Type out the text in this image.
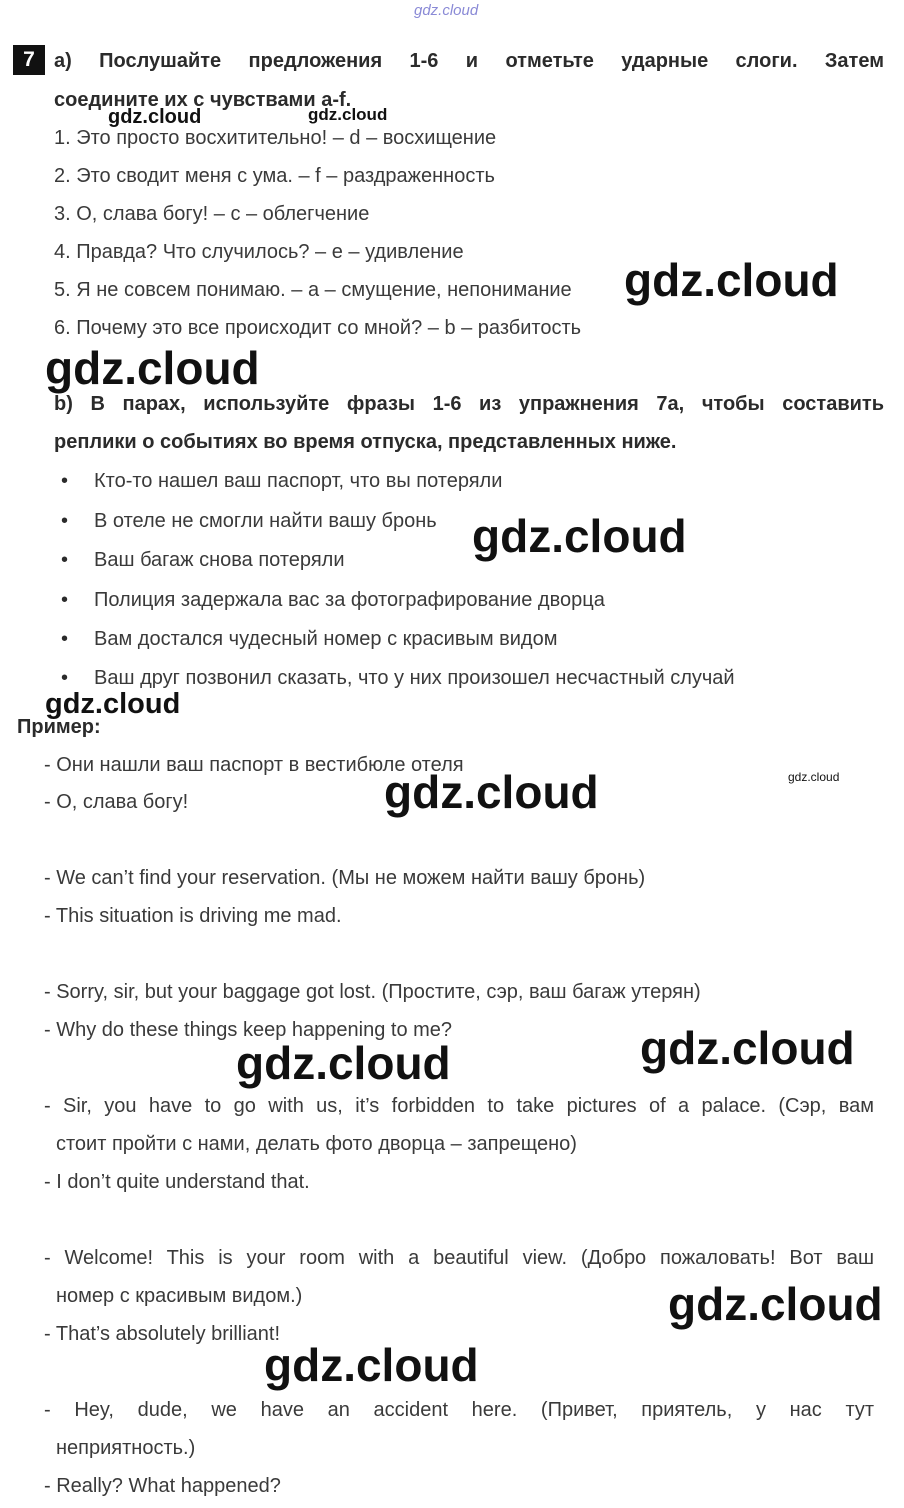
gdz.cloud
7 a) Послушайте предложения 1-6 и отметьте ударные слоги. Затем
соедините их с чувствами a-f.
1. Это просто восхитительно! – d – восхищение
2. Это сводит меня с ума. – f – раздраженность
3. О, слава богу! – c – облегчение
4. Правда? Что случилось? – e – удивление
5. Я не совсем понимаю. – a – смущение, непонимание
6. Почему это все происходит со мной? – b – разбитость
b) В парах, используйте фразы 1-6 из упражнения 7a, чтобы составить
реплики о событиях во время отпуска, представленных ниже.
• Кто-то нашел ваш паспорт, что вы потеряли
• В отеле не смогли найти вашу бронь
• Ваш багаж снова потеряли
• Полиция задержала вас за фотографирование дворца
• Вам достался чудесный номер с красивым видом
• Ваш друг позвонил сказать, что у них произошел несчастный случай
Пример:
- Они нашли ваш паспорт в вестибюле отеля
- О, слава богу!
- We can’t find your reservation. (Мы не можем найти вашу бронь)
- This situation is driving me mad.
- Sorry, sir, but your baggage got lost. (Простите, сэр, ваш багаж утерян)
- Why do these things keep happening to me?
- Sir, you have to go with us, it’s forbidden to take pictures of a palace. (Сэр, вам
стоит пройти с нами, делать фото дворца – запрещено)
- I don’t quite understand that.
- Welcome! This is your room with a beautiful view. (Добро пожаловать! Вот ваш
номер с красивым видом.)
- That’s absolutely brilliant!
- Hey, dude, we have an accident here. (Привет, приятель, у нас тут
неприятность.)
- Really? What happened?
gdz.cloud	gdz.cloud
gdz.cloud
gdz.cloud
gdz.cloud
gdz.cloud
gdz.cloud	gdz.cloud
gdz.cloud	gdz.cloud
gdz.cloud
gdz.cloud
